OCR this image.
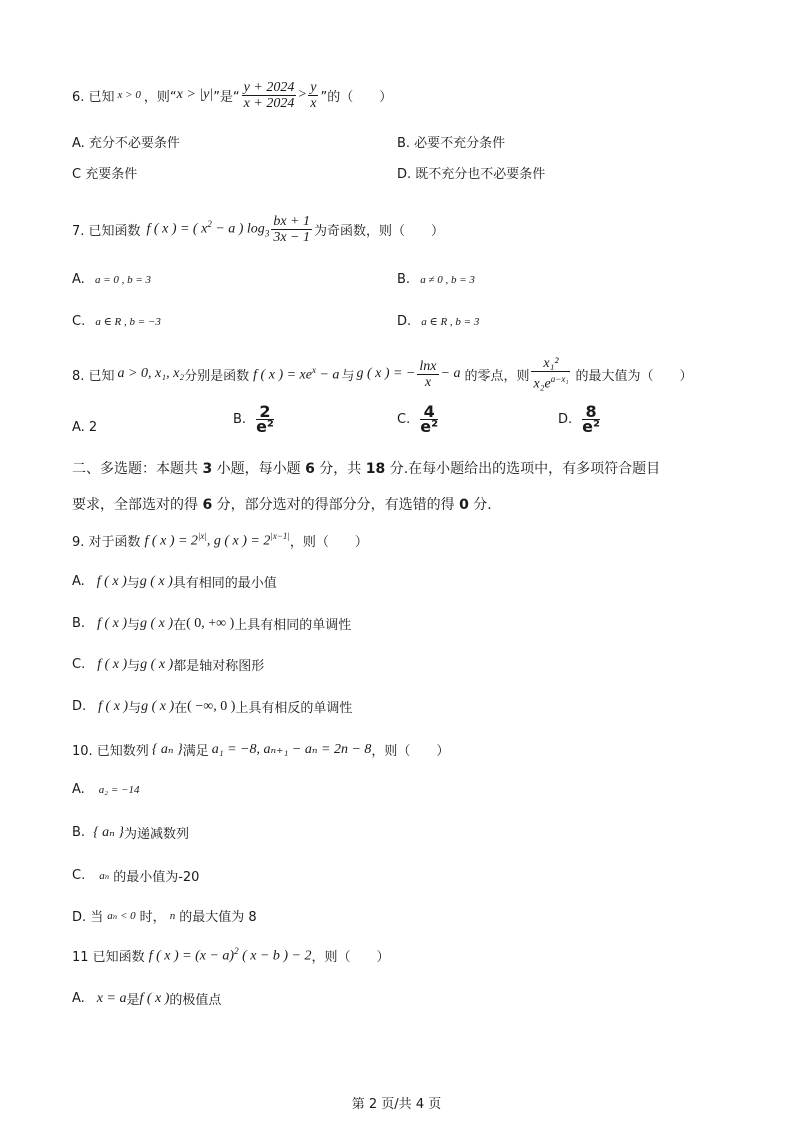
6. 已知 x > 0 ，则“ x > |y| ”是“ $\frac{y + 2024}{x + 2024} > \frac{y}{x}$ ”的（　　）
A. 充分不必要条件	B. 必要不充分条件
C 充要条件	D. 既不充分也不必要条件
7. 已知函数 f ( x ) = ( $x^2 - a$ ) $\log_3 \frac{bx + 1}{3x - 1}$ 为奇函数，则（　　）
A. a = 0 , b = 3	B. a ≠ 0 , b = 3
C. a ∈ R , b = −3	D. a ∈ R , b = 3
8. 已知 a > 0, x₁, x₂ 分别是函数 f ( x ) = $xe^x - a$ 与 g ( x ) = − $\frac{\ln x}{x} - a$ 的零点，则 $\frac{\text{x₁²}}{x_2e^{a-x_1}}$ 的最大值为（　　）
A. 2
B. $\frac{2}{\text{e²}}$	C. $\frac{4}{\text{e²}}$	D. $\frac{8}{\text{e²}}$
二、多选题：本题共 3 小题，每小题 6 分，共 18 分.在每小题给出的选项中，有多项符合题目
要求，全部选对的得 6 分，部分选对的得部分分，有选错的得 0 分.
9. 对于函数 f ( x ) = $2^{|x|}$, g ( x ) = $2^{|x-1|}$ ，则（　　）
A. f ( x ) 与 g ( x ) 具有相同的最小值
B. f ( x ) 与 g ( x ) 在 ( 0, +∞ ) 上具有相同的单调性
C. f ( x ) 与 g ( x ) 都是轴对称图形
D. f ( x ) 与 g ( x ) 在 ( −∞, 0 ) 上具有相反的单调性
10. 已知数列 { aₙ } 满足 a₁ = −8, aₙ₊₁ − aₙ = 2n − 8 ，则（　　）
A. a₂ = −14
B. { aₙ } 为递减数列
C. aₙ 的最小值为-20
D. 当 aₙ < 0 时， n 的最大值为 8
11 已知函数 f ( x ) = $(x - a)^2$ ( x − b ) − 2 ，则（　　）
A. x = a 是 f ( x ) 的极值点
第 2 页/共 4 页
